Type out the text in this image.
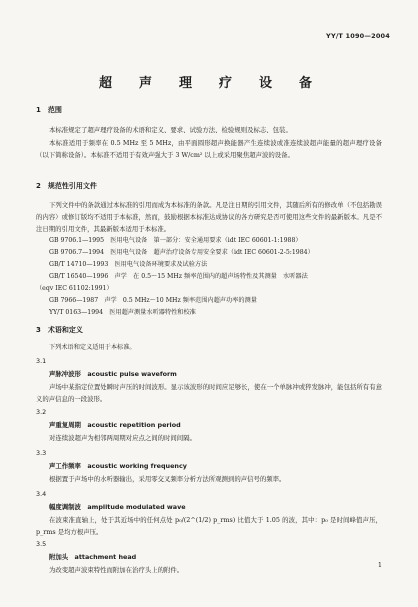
YY/T 1090—2004
超　声　理　疗　设　备
1　范围

本标准规定了超声理疗设备的术语和定义、要求、试验方法、检验规则及标志、包装。

本标准适用于频率在 0.5 MHz 至 5 MHz，由平面圆形超声换能器产生连续波或准连续波超声能量的超声理疗设备（以下简称设备）。本标准不适用于有效声强大于 3 W/cm² 以上或采用聚焦超声波的设备。

2　规范性引用文件

下列文件中的条款通过本标准的引用而成为本标准的条款。凡是注日期的引用文件，其随后所有的修改单（不包括勘误的内容）或修订版均不适用于本标准，然而，鼓励根据本标准达成协议的各方研究是否可使用这些文件的最新版本。凡是不注日期的引用文件，其最新版本适用于本标准。

GB 9706.1—1995　医用电气设备　第一部分：安全通用要求（idt IEC 60601-1:1988）
GB 9706.7—1994　医用电气设备　超声治疗设备专用安全要求（idt IEC 60601-2-5:1984）
GB/T 14710—1993　医用电气设备环境要求及试验方法
GB/T 16540—1996　声学　在 0.5～15 MHz 频率范围内的超声场特性及其测量　水听器法
（eqv IEC 61102:1991）
GB 7966—1987　声学　0.5 MHz～10 MHz 频率范围内超声功率的测量
YY/T 0163—1994　医用超声测量水听器特性和校准
3　术语和定义
下列术语和定义适用于本标准。
3.1
声脉冲波形　acoustic pulse waveform

声场中某指定位置处瞬时声压的时间波形。显示该波形的时间应足够长，使在一个单脉冲或猝发脉冲，能包括所有有意义的声信息的一段波形。

3.2
声重复周期　acoustic repetition period

对连续波超声为相邻两周期对应点之间的时间间隔。

3.3
声工作频率　acoustic working frequency

根据置于声场中的水听器输出，采用零交叉频率分析方法所观测到的声信号的频率。

3.4
幅度调制波　amplitude modulated wave

在波束准直轴上，处于其近场中的任何点处 p₀/(2^(1/2) p_rms) 比值大于 1.05 的波，其中：p₀ 是时间峰值声压，p_rms 是均方根声压。

3.5
附加头　attachment head

为改变超声波束特性而附加在治疗头上的附件。

1
